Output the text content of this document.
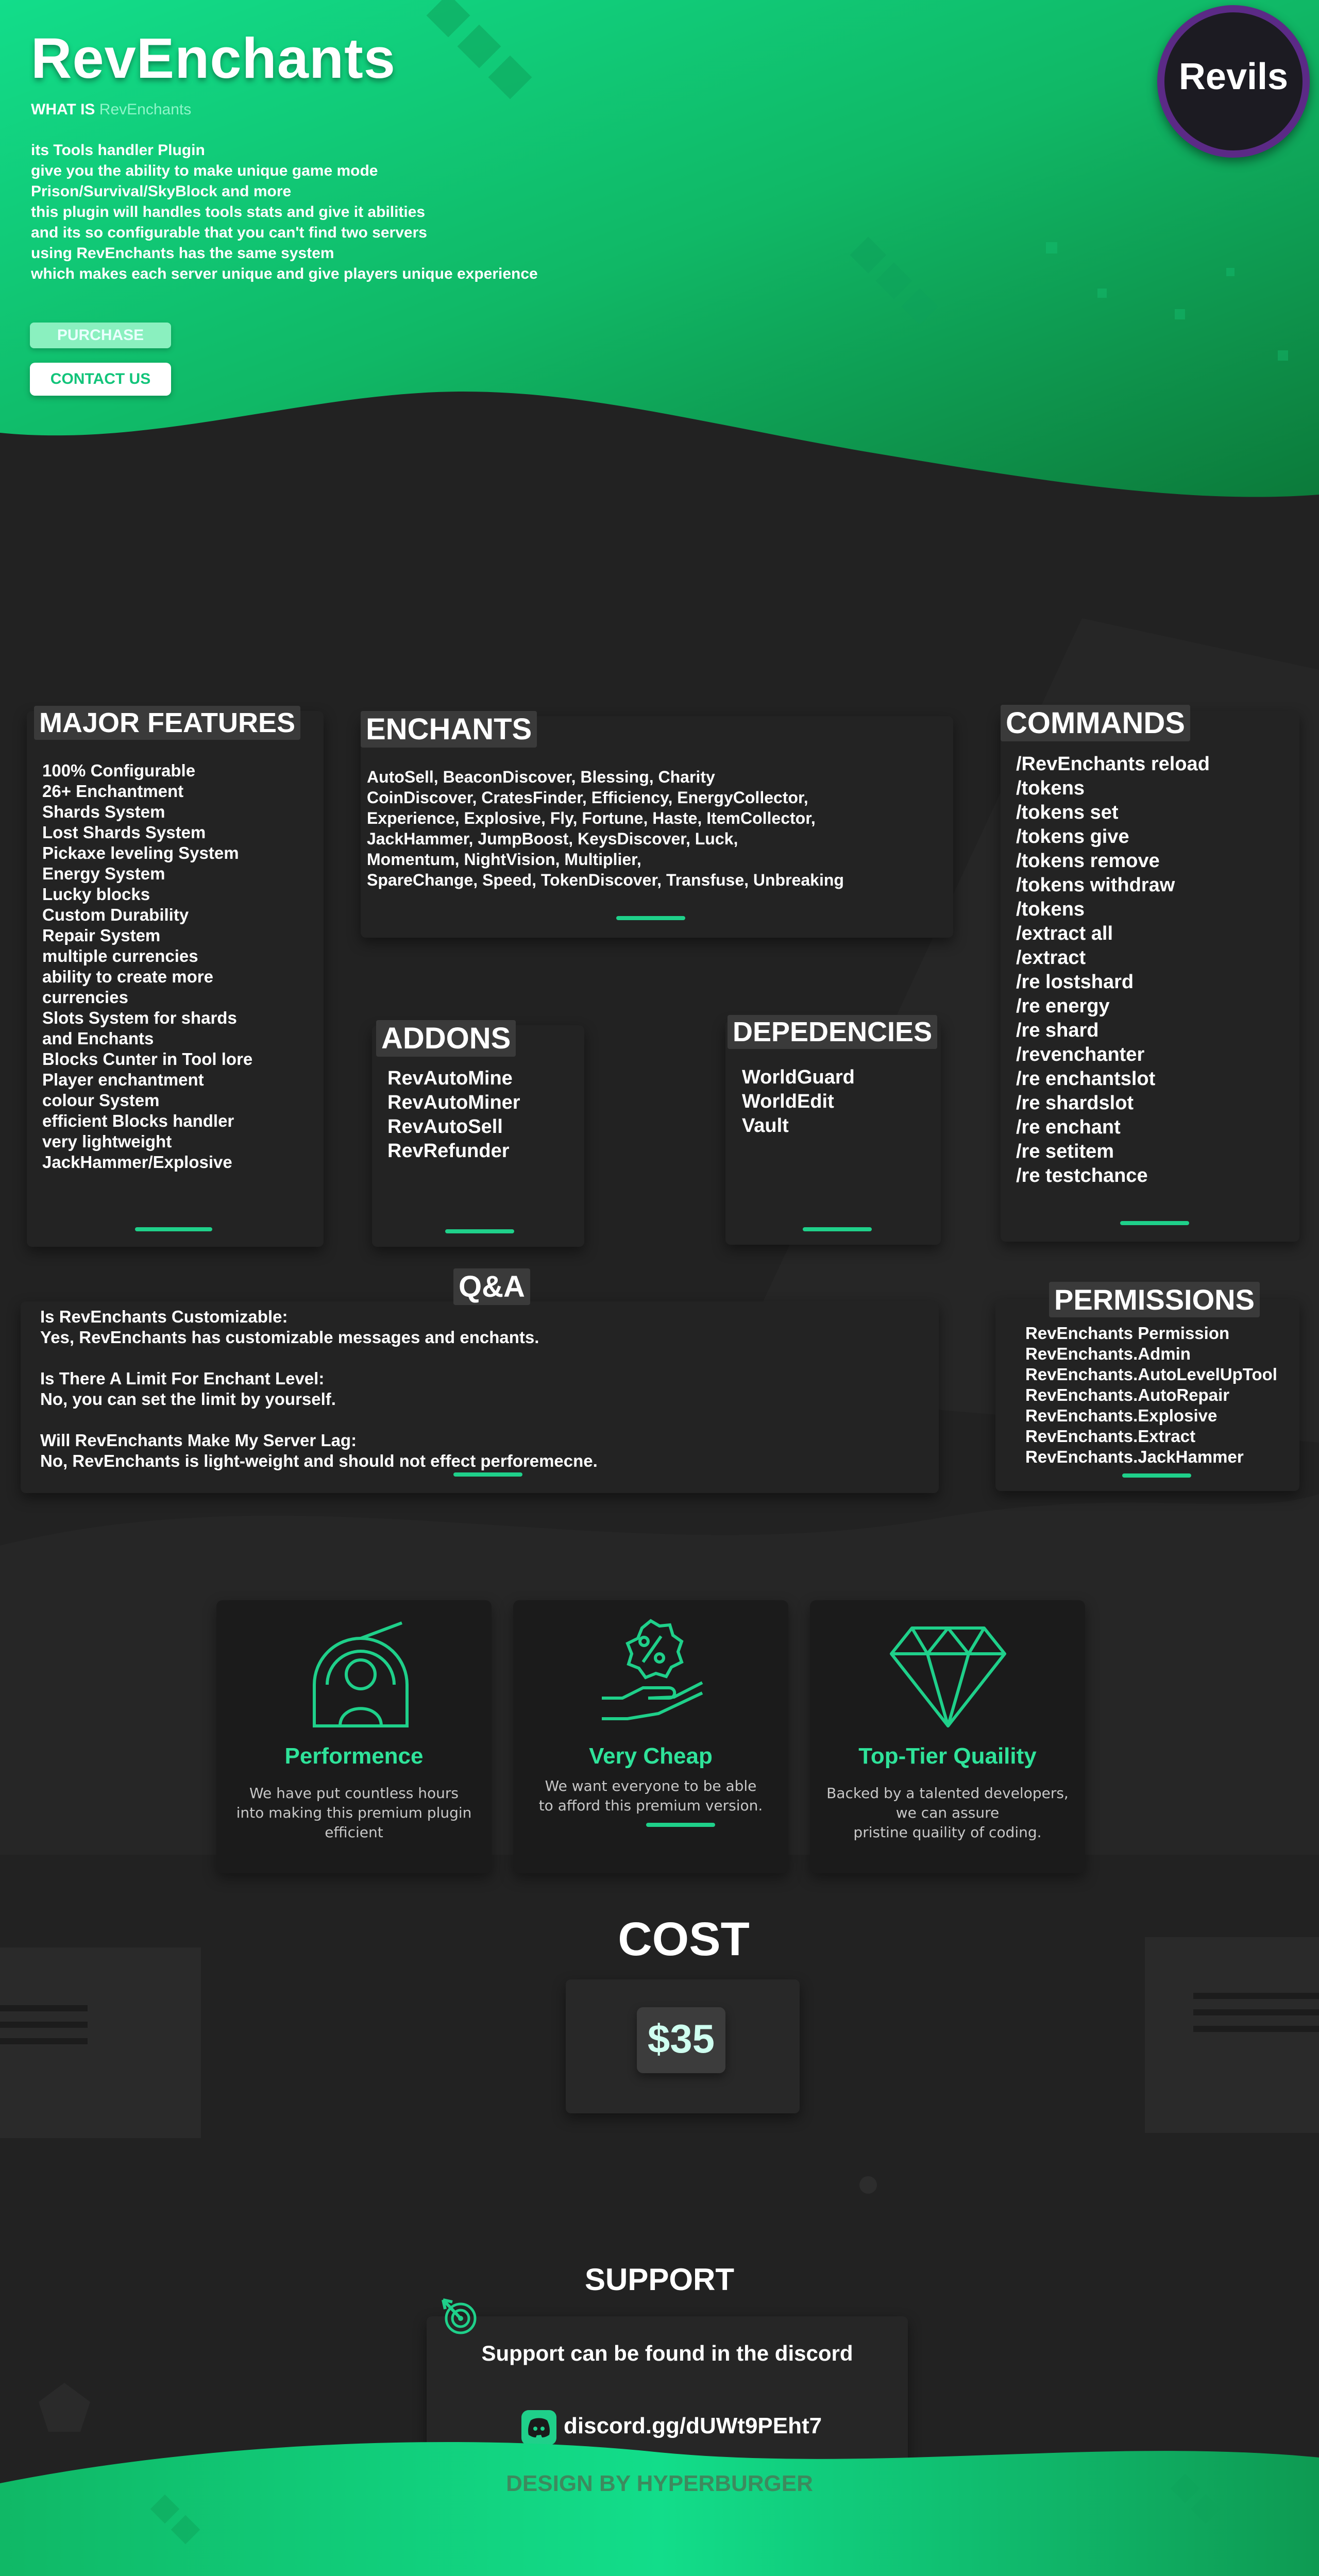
RevEnchants
WHAT IS RevEnchants
its Tools handler Plugin
give you the ability to make unique game mode
Prison/Survival/SkyBlock and more
this plugin will handles tools stats and give it abilities
and its so configurable that you can't find two servers
using RevEnchants has the same system
which makes each server unique and give players unique experience
PURCHASE
CONTACT US
Revils
MAJOR FEATURES
100% Configurable
26+ Enchantment
Shards System
Lost Shards System
Pickaxe leveling System
Energy System
Lucky blocks
Custom Durability
Repair System
multiple currencies
ability to create more
currencies
Slots System for shards
and Enchants
Blocks Cunter in Tool lore
Player enchantment
colour System
efficient Blocks handler
very lightweight
JackHammer/Explosive
ENCHANTS
AutoSell, BeaconDiscover, Blessing, Charity
CoinDiscover, CratesFinder, Efficiency, EnergyCollector,
Experience, Explosive, Fly, Fortune, Haste, ItemCollector,
JackHammer, JumpBoost, KeysDiscover, Luck,
Momentum, NightVision, Multiplier,
SpareChange, Speed, TokenDiscover, Transfuse, Unbreaking
ADDONS
RevAutoMine
RevAutoMiner
RevAutoSell
RevRefunder
DEPEDENCIES
WorldGuard
WorldEdit
Vault
COMMANDS
/RevEnchants reload
/tokens
/tokens set
/tokens give
/tokens remove
/tokens withdraw
/tokens
/extract all
/extract
/re lostshard
/re energy
/re shard
/revenchanter
/re enchantslot
/re shardslot
/re enchant
/re setitem
/re testchance
Q&A
Is RevEnchants Customizable:
Yes, RevEnchants has customizable messages and enchants.
Is There A Limit For Enchant Level:
No, you can set the limit by yourself.
Will RevEnchants Make My Server Lag:
No, RevEnchants is light-weight and should not effect perforemecne.
PERMISSIONS
RevEnchants Permission
RevEnchants.Admin
RevEnchants.AutoLevelUpTool
RevEnchants.AutoRepair
RevEnchants.Explosive
RevEnchants.Extract
RevEnchants.JackHammer
Performence
We have put countless hours
into making this premium plugin
efficient
Very Cheap
We want everyone to be able
to afford this premium version.
Top-Tier Quaility
Backed by a talented developers,
we can assure
pristine quaility of coding.
COST
$35
SUPPORT
Support can be found in the discord
discord.gg/dUWt9PEht7
DESIGN BY HYPERBURGER
